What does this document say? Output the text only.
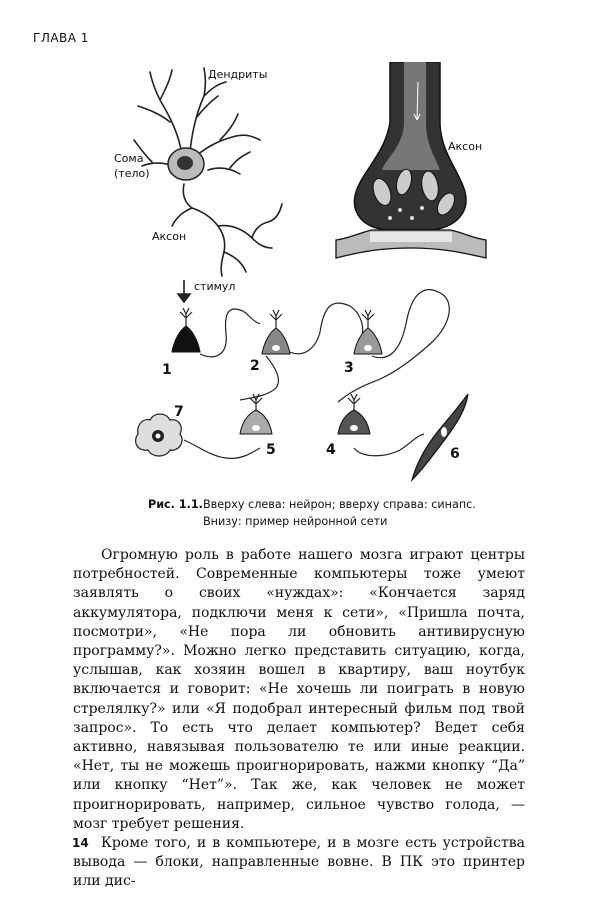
ГЛАВА 1
Дендриты
Сома
(тело)
Аксон
Аксон
стимул
1	2	3
5	4	6
7
Рис. 1.1. Вверху слева: нейрон; вверху справа: синапс. Внизу: пример нейронной сети

Огромную роль в работе нашего мозга играют центры потребностей. Современные компьютеры тоже умеют заявлять о своих «нуждах»: «Кончается заряд аккумулятора, подключи меня к сети», «Пришла почта, посмотри», «Не пора ли обновить антивирусную программу?». Можно легко представить ситуацию, когда, услышав, как хозяин вошел в квартиру, ваш ноутбук включается и говорит: «Не хочешь ли поиграть в новую стрелялку?» или «Я подобрал интересный фильм под твой запрос». То есть что делает компьютер? Ведет себя активно, навязывая пользователю те или иные реакции. «Нет, ты не можешь проигнорировать, нажми кнопку “Да” или кнопку “Нет”». Так же, как человек не может проигнорировать, например, сильное чувство голода, — мозг требует решения.

Кроме того, и в компьютере, и в мозге есть устройства вывода — блоки, направленные вовне. В ПК это принтер или дис-

14
